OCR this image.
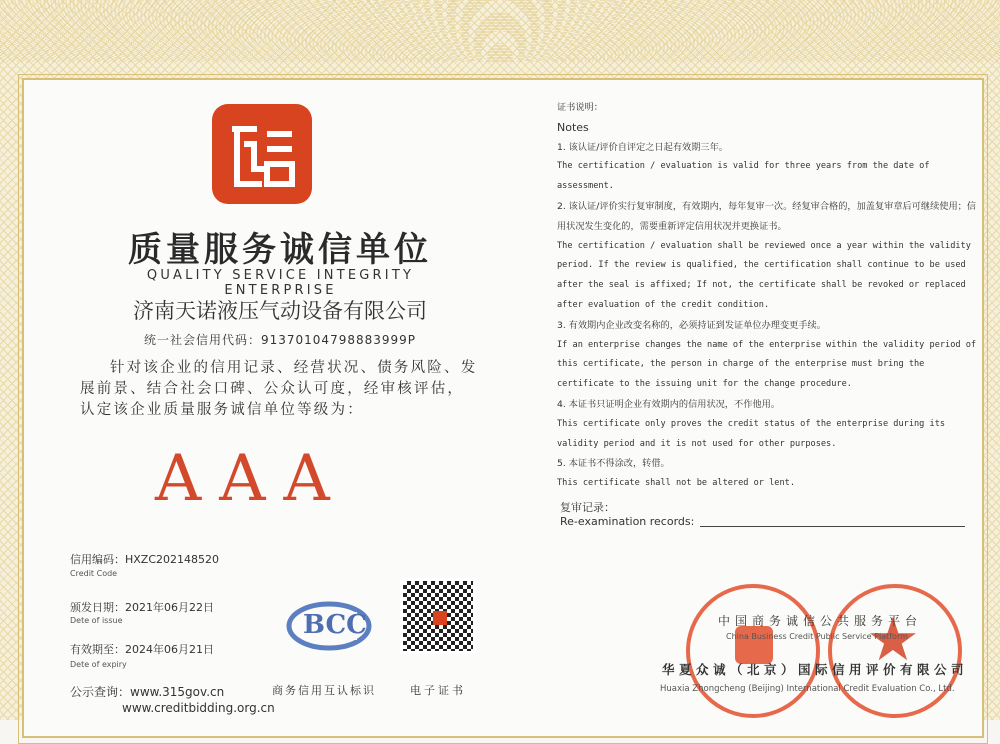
质量服务诚信单位
QUALITY SERVICE INTEGRITY ENTERPRISE
济南天诺液压气动设备有限公司
统一社会信用代码：91370104798883999P
针对该企业的信用记录、经营状况、债务风险、发展前景、结合社会口碑、公众认可度，经审核评估，认定该企业质量服务诚信单位等级为：
AAA
信用编码：HXZC202148520
Credit Code
颁发日期：2021年06月22日
Dete of issue
有效期至：2024年06月21日
Dete of expiry
公示查询：www.315gov.cn
www.creditbidding.org.cn
BCC
商务信用互认标识	电子证书
证书说明：
Notes
1. 该认证/评价自评定之日起有效期三年。
The certification / evaluation is valid for three years from the date of assessment.
2. 该认证/评价实行复审制度，有效期内，每年复审一次。经复审合格的，加盖复审章后可继续使用；信用状况发生变化的，需要重新评定信用状况并更换证书。
The certification / evaluation shall be reviewed once a year within the validity period. If the review is qualified, the certification shall continue to be used after the seal is affixed; If not, the certificate shall be revoked or replaced after evaluation of the credit condition.
3. 有效期内企业改变名称的，必须持证到发证单位办理变更手续。
If an enterprise changes the name of the enterprise within the validity period of this certificate, the person in charge of the enterprise must bring the certificate to the issuing unit for the change procedure.
4. 本证书只证明企业有效期内的信用状况，不作他用。
This certificate only proves the credit status of the enterprise during its validity period and it is not used for other purposes.
5. 本证书不得涂改，转借。
This certificate shall not be altered or lent.
复审记录：
Re-examination records:
★
中国商务诚信公共服务平台
China Business Credit Public Service Platform
华夏众诚（北京）国际信用评价有限公司
Huaxia Zhongcheng (Beijing) International Credit Evaluation Co., Ltd.
